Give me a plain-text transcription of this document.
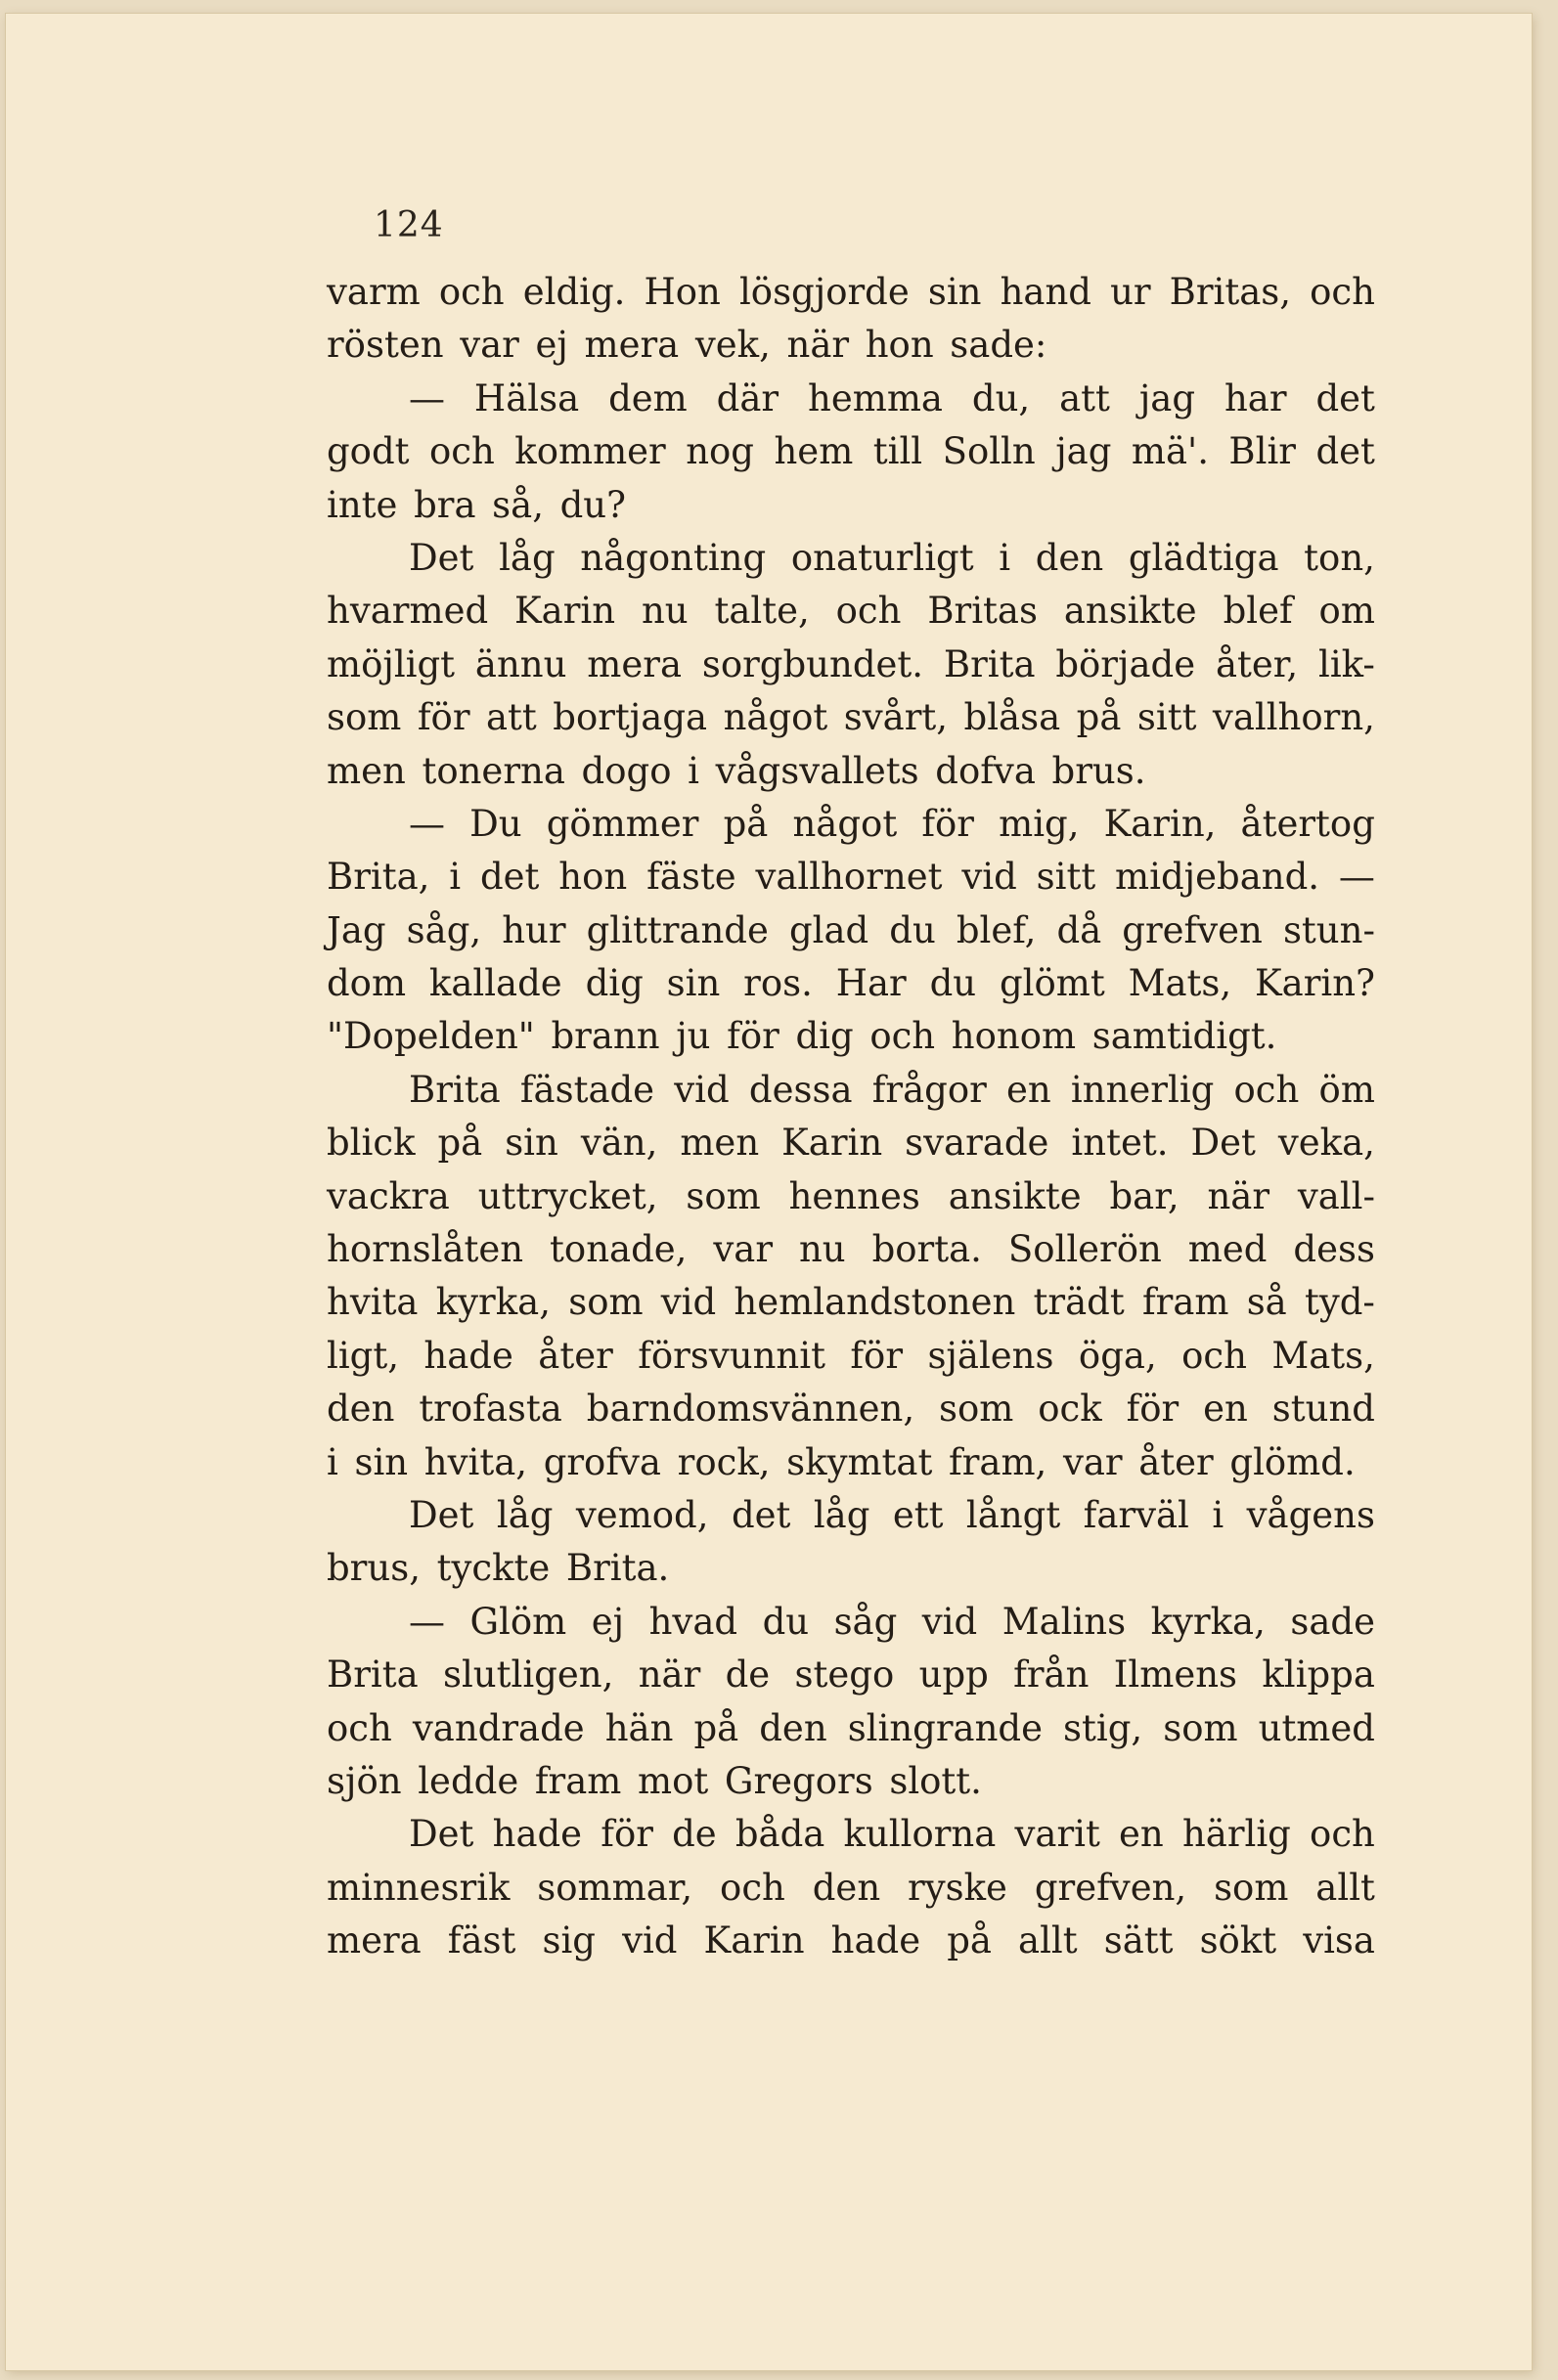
124
varm och eldig. Hon lösgjorde sin hand ur Britas, och
rösten var ej mera vek, när hon sade:
— Hälsa dem där hemma du, att jag har det
godt och kommer nog hem till Solln jag mä'. Blir det
inte bra så, du?
Det låg någonting onaturligt i den glädtiga ton,
hvarmed Karin nu talte, och Britas ansikte blef om
möjligt ännu mera sorgbundet. Brita började åter, lik-
som för att bortjaga något svårt, blåsa på sitt vallhorn,
men tonerna dogo i vågsvallets dofva brus.
— Du gömmer på något för mig, Karin, återtog
Brita, i det hon fäste vallhornet vid sitt midjeband. —
Jag såg, hur glittrande glad du blef, då grefven stun-
dom kallade dig sin ros. Har du glömt Mats, Karin?
"Dopelden" brann ju för dig och honom samtidigt.
Brita fästade vid dessa frågor en innerlig och öm
blick på sin vän, men Karin svarade intet. Det veka,
vackra uttrycket, som hennes ansikte bar, när vall-
hornslåten tonade, var nu borta. Sollerön med dess
hvita kyrka, som vid hemlandstonen trädt fram så tyd-
ligt, hade åter försvunnit för själens öga, och Mats,
den trofasta barndomsvännen, som ock för en stund
i sin hvita, grofva rock, skymtat fram, var åter glömd.
Det låg vemod, det låg ett långt farväl i vågens
brus, tyckte Brita.
— Glöm ej hvad du såg vid Malins kyrka, sade
Brita slutligen, när de stego upp från Ilmens klippa
och vandrade hän på den slingrande stig, som utmed
sjön ledde fram mot Gregors slott.
Det hade för de båda kullorna varit en härlig och
minnesrik sommar, och den ryske grefven, som allt
mera fäst sig vid Karin hade på allt sätt sökt visa
